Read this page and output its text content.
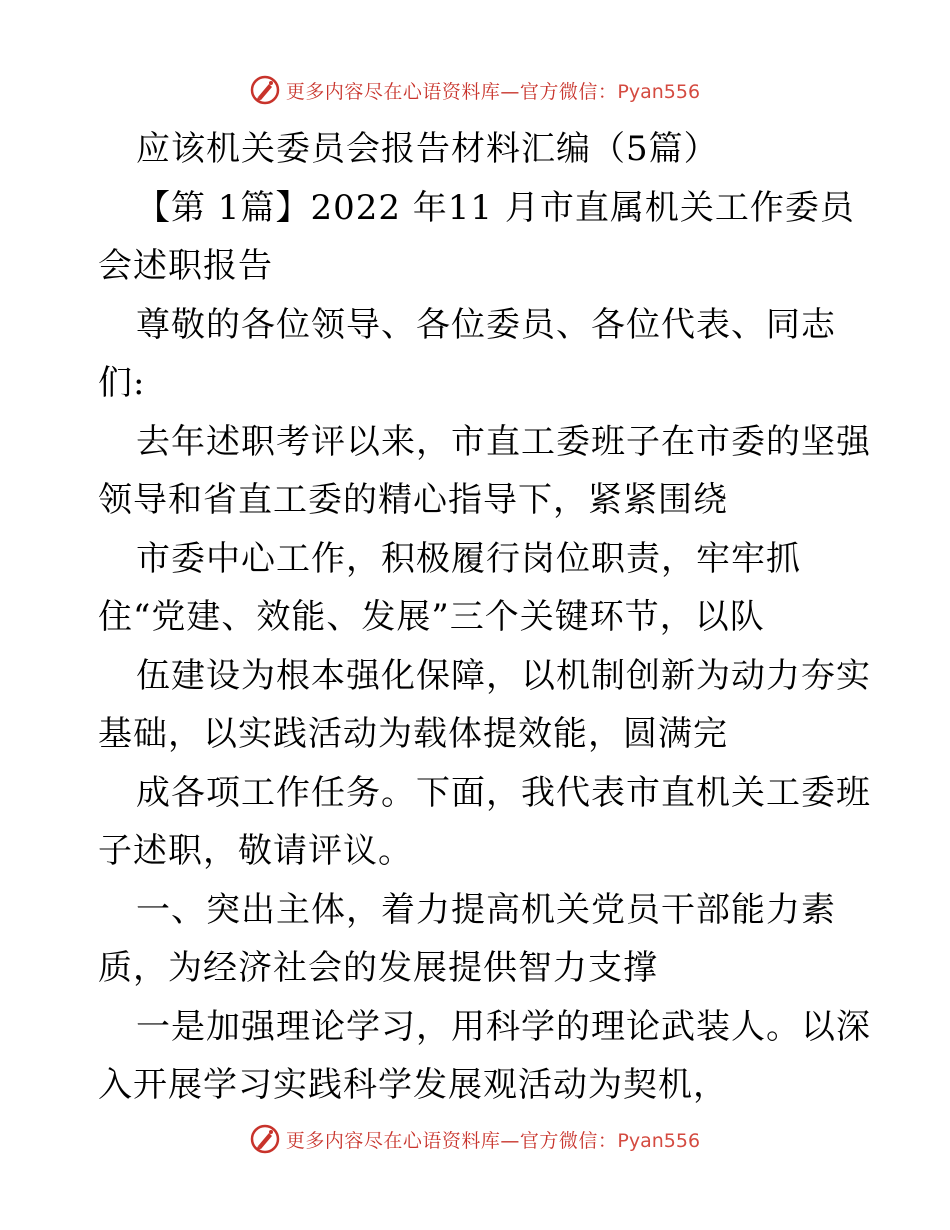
更多内容尽在心语资料库—官方微信：Pyan556
应该机关委员会报告材料汇编（5篇）
【第 1篇】2022 年11 月市直属机关工作委员
会述职报告
尊敬的各位领导、各位委员、各位代表、同志
们:
去年述职考评以来，市直工委班子在市委的坚强
领导和省直工委的精心指导下，紧紧围绕
市委中心工作，积极履行岗位职责，牢牢抓
住“党建、效能、发展”三个关键环节，以队
伍建设为根本强化保障，以机制创新为动力夯实
基础，以实践活动为载体提效能，圆满完
成各项工作任务。下面，我代表市直机关工委班
子述职，敬请评议。
一、突出主体，着力提高机关党员干部能力素
质，为经济社会的发展提供智力支撑
一是加强理论学习，用科学的理论武装人。以深
入开展学习实践科学发展观活动为契机，
更多内容尽在心语资料库—官方微信：Pyan556
